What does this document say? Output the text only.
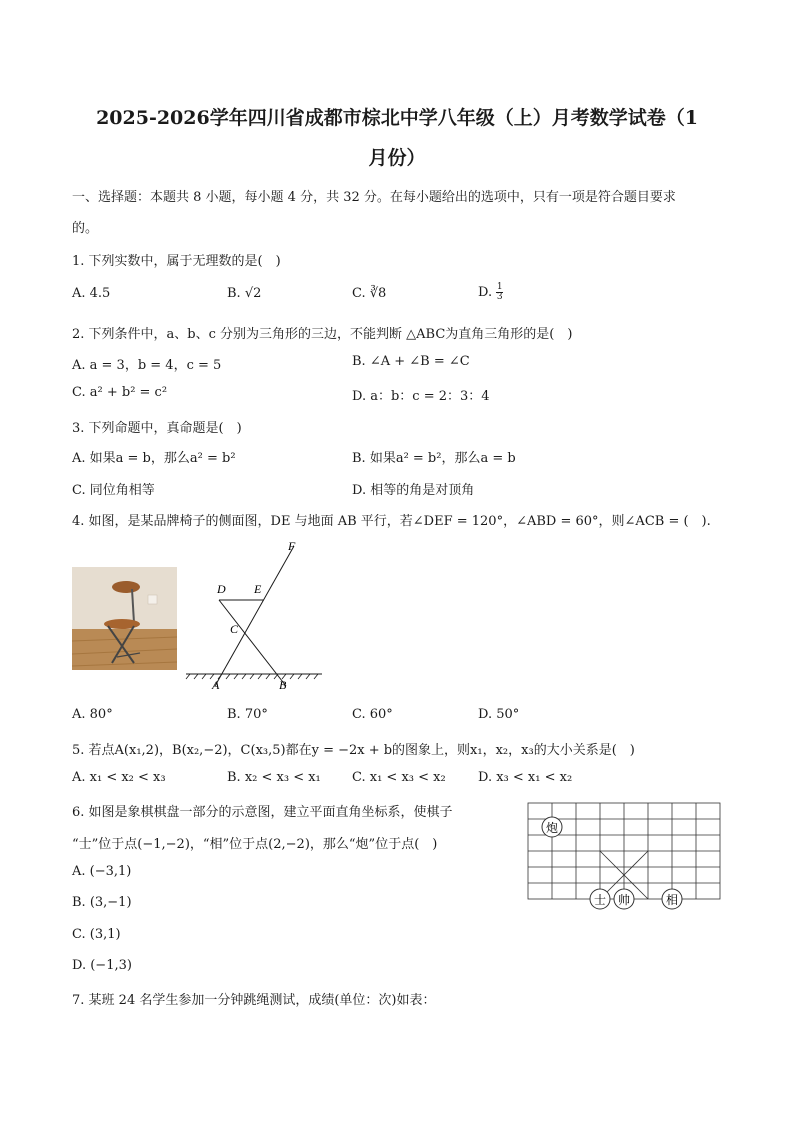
2025-2026学年四川省成都市棕北中学八年级（上）月考数学试卷（1
月份）
一、选择题：本题共 8 小题，每小题 4 分，共 32 分。在每小题给出的选项中，只有一项是符合题目要求
的。
1. 下列实数中，属于无理数的是(　)
A. 4.5	B. √2	C. ∛8	D. $\frac{1}{3}$
2. 下列条件中，a、b、c 分别为三角形的三边，不能判断 △ABC为直角三角形的是(　)
A. a = 3，b = 4，c = 5	B. ∠A + ∠B = ∠C
C. a² + b² = c²	D. a：b：c = 2：3：4
3. 下列命题中，真命题是(　)
A. 如果a = b，那么a² = b²	B. 如果a² = b²，那么a = b
C. 同位角相等	D. 相等的角是对顶角
4. 如图，是某品牌椅子的侧面图，DE 与地面 AB 平行，若∠DEF = 120°，∠ABD = 60°，则∠ACB = (　).
F
D E
C
A	B
A. 80°	B. 70°	C. 60°	D. 50°
5. 若点A(x₁,2)，B(x₂,−2)，C(x₃,5)都在y = −2x + b的图象上，则x₁，x₂，x₃的大小关系是(　)
A. x₁ < x₂ < x₃	B. x₂ < x₃ < x₁ C. x₁ < x₃ < x₂ D. x₃ < x₁ < x₂
6. 如图是象棋棋盘一部分的示意图，建立平面直角坐标系，使棋子
“士”位于点(−1,−2)，“相”位于点(2,−2)，那么“炮”位于点(　)
A. (−3,1)
B. (3,−1)
C. (3,1)
D. (−1,3)
炮
士 帅	相
7. 某班 24 名学生参加一分钟跳绳测试，成绩(单位：次)如表：
